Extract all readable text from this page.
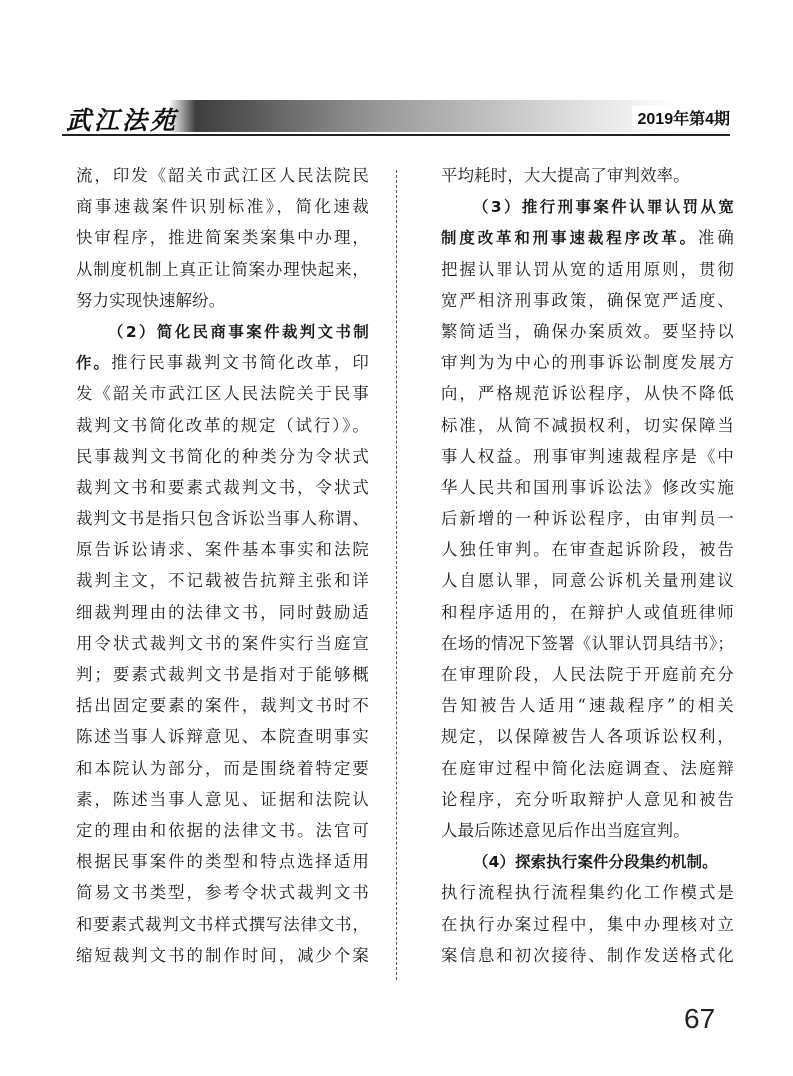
武江法苑	2019年第4期
流，印发《韶关市武江区人民法院民
商事速裁案件识别标准》，简化速裁
快审程序，推进简案类案集中办理，
从制度机制上真正让简案办理快起来，
努力实现快速解纷。
（2）简化民商事案件裁判文书制
作。推行民事裁判文书简化改革，印
发《韶关市武江区人民法院关于民事
裁判文书简化改革的规定（试行）》。
民事裁判文书简化的种类分为令状式
裁判文书和要素式裁判文书，令状式
裁判文书是指只包含诉讼当事人称谓、
原告诉讼请求、案件基本事实和法院
裁判主文，不记载被告抗辩主张和详
细裁判理由的法律文书，同时鼓励适
用令状式裁判文书的案件实行当庭宣
判；要素式裁判文书是指对于能够概
括出固定要素的案件，裁判文书时不
陈述当事人诉辩意见、本院查明事实
和本院认为部分，而是围绕着特定要
素，陈述当事人意见、证据和法院认
定的理由和依据的法律文书。法官可
根据民事案件的类型和特点选择适用
简易文书类型，参考令状式裁判文书
和要素式裁判文书样式撰写法律文书，
缩短裁判文书的制作时间，减少个案
平均耗时，大大提高了审判效率。
（3）推行刑事案件认罪认罚从宽
制度改革和刑事速裁程序改革。准确
把握认罪认罚从宽的适用原则，贯彻
宽严相济刑事政策，确保宽严适度、
繁简适当，确保办案质效。要坚持以
审判为为中心的刑事诉讼制度发展方
向，严格规范诉讼程序，从快不降低
标准，从简不减损权利，切实保障当
事人权益。刑事审判速裁程序是《中
华人民共和国刑事诉讼法》修改实施
后新增的一种诉讼程序，由审判员一
人独任审判。在审查起诉阶段，被告
人自愿认罪，同意公诉机关量刑建议
和程序适用的，在辩护人或值班律师
在场的情况下签署《认罪认罚具结书》；
在审理阶段，人民法院于开庭前充分
告知被告人适用“速裁程序”的相关
规定，以保障被告人各项诉讼权利，
在庭审过程中简化法庭调查、法庭辩
论程序，充分听取辩护人意见和被告
人最后陈述意见后作出当庭宣判。
（4）探索执行案件分段集约机制。
执行流程执行流程集约化工作模式是
在执行办案过程中，集中办理核对立
案信息和初次接待、制作发送格式化
67
